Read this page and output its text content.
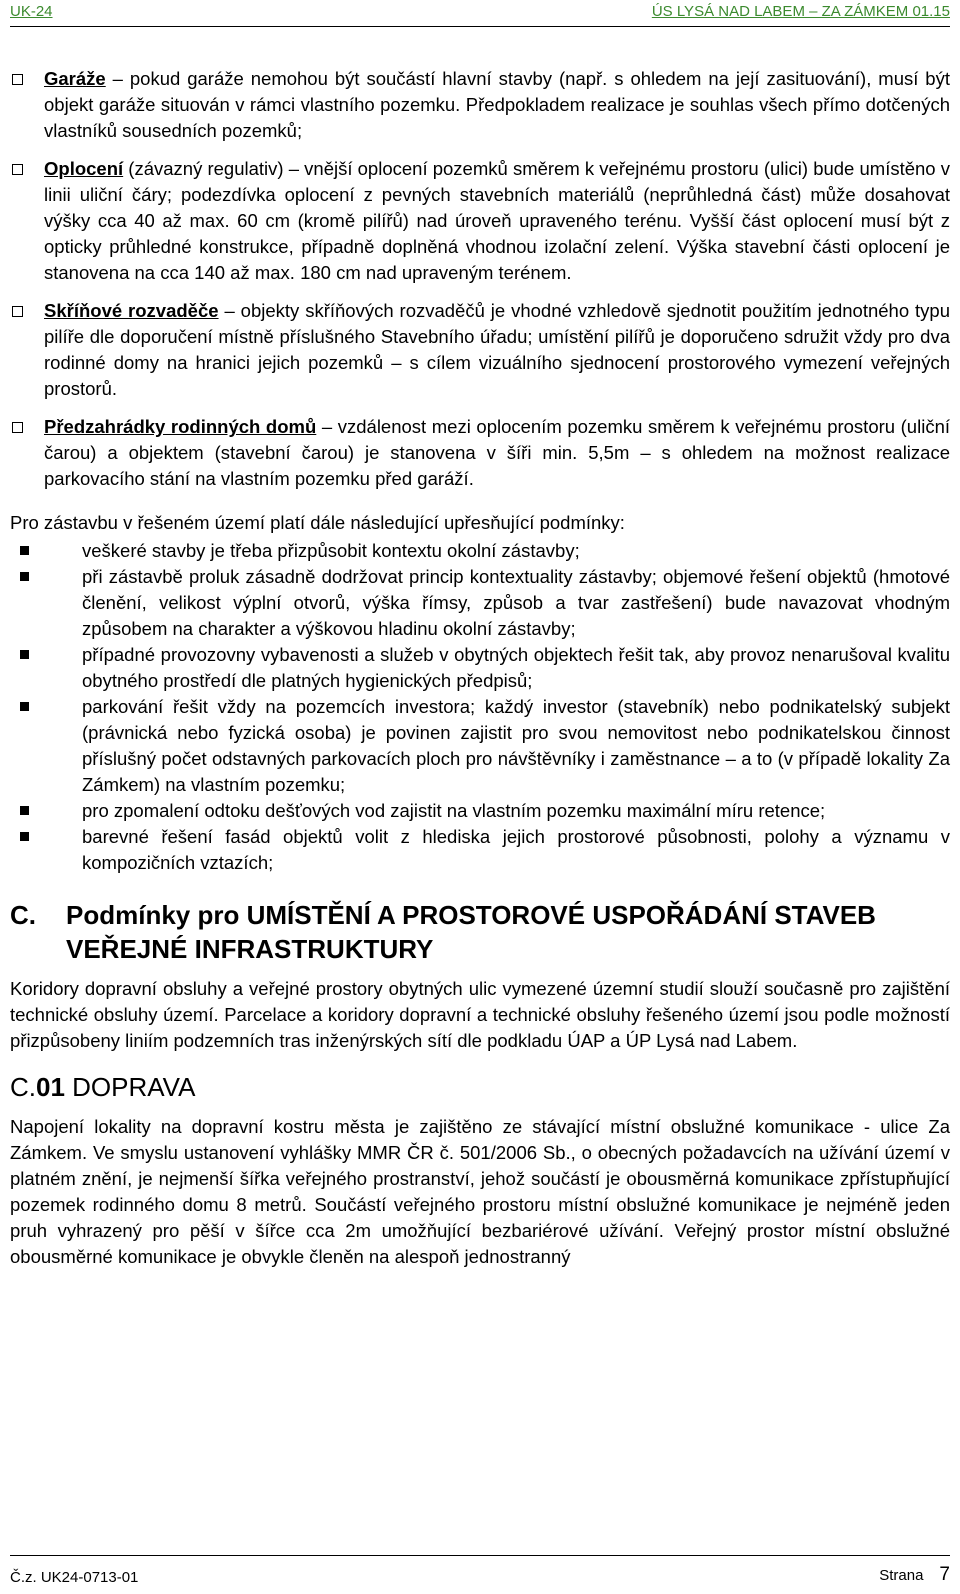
UK-24	ÚS LYSÁ NAD LABEM – ZA ZÁMKEM 01.15
Garáže – pokud garáže nemohou být součástí hlavní stavby (např. s ohledem na její zasituování), musí být objekt garáže situován v rámci vlastního pozemku. Předpokladem realizace je souhlas všech přímo dotčených vlastníků sousedních pozemků;
Oplocení (závazný regulativ) – vnější oplocení pozemků směrem k veřejnému prostoru (ulici) bude umístěno v linii uliční čáry; podezdívka oplocení z pevných stavebních materiálů (neprůhledná část) může dosahovat výšky cca 40 až max. 60 cm (kromě pilířů) nad úroveň upraveného terénu. Vyšší část oplocení musí být z opticky průhledné konstrukce, případně doplněná vhodnou izolační zelení. Výška stavební části oplocení je stanovena na cca 140 až max. 180 cm nad upraveným terénem.
Skříňové rozvaděče – objekty skříňových rozvaděčů je vhodné vzhledově sjednotit použitím jednotného typu pilíře dle doporučení místně příslušného Stavebního úřadu; umístění pilířů je doporučeno sdružit vždy pro dva rodinné domy na hranici jejich pozemků – s cílem vizuálního sjednocení prostorového vymezení veřejných prostorů.
Předzahrádky rodinných domů – vzdálenost mezi oplocením pozemku směrem k veřejnému prostoru (uliční čarou) a objektem (stavební čarou) je stanovena v šíři min. 5,5m – s ohledem na možnost realizace parkovacího stání na vlastním pozemku před garáží.
Pro zástavbu v řešeném území platí dále následující upřesňující podmínky:
veškeré stavby je třeba přizpůsobit kontextu okolní zástavby;
při zástavbě proluk zásadně dodržovat princip kontextuality zástavby; objemové řešení objektů (hmotové členění, velikost výplní otvorů, výška římsy, způsob a tvar zastřešení) bude navazovat vhodným způsobem na charakter a výškovou hladinu okolní zástavby;
případné provozovny vybavenosti a služeb v obytných objektech řešit tak, aby provoz nenarušoval kvalitu obytného prostředí dle platných hygienických předpisů;
parkování řešit vždy na pozemcích investora; každý investor (stavebník) nebo podnikatelský subjekt (právnická nebo fyzická osoba) je povinen zajistit pro svou nemovitost nebo podnikatelskou činnost příslušný počet odstavných parkovacích ploch pro návštěvníky i zaměstnance – a to (v případě lokality Za Zámkem) na vlastním pozemku;
pro zpomalení odtoku dešťových vod zajistit na vlastním pozemku maximální míru retence;
barevné řešení fasád objektů volit z hlediska jejich prostorové působnosti, polohy a významu v kompozičních vztazích;
C.	Podmínky pro UMÍSTĚNÍ A PROSTOROVÉ USPOŘÁDÁNÍ STAVEB VEŘEJNÉ INFRASTRUKTURY
Koridory dopravní obsluhy a veřejné prostory obytných ulic vymezené územní studií slouží současně pro zajištění technické obsluhy území. Parcelace a koridory dopravní a technické obsluhy řešeného území jsou podle možností přizpůsobeny liniím podzemních tras inženýrských sítí dle podkladu ÚAP a ÚP Lysá nad Labem.
C.01 DOPRAVA
Napojení lokality na dopravní kostru města je zajištěno ze stávající místní obslužné komunikace - ulice Za Zámkem. Ve smyslu ustanovení vyhlášky MMR ČR č. 501/2006 Sb., o obecných požadavcích na užívání území v platném znění, je nejmenší šířka veřejného prostranství, jehož součástí je obousměrná komunikace zpřístupňující pozemek rodinného domu 8 metrů. Součástí veřejného prostoru místní obslužné komunikace je nejméně jeden pruh vyhrazený pro pěší v šířce cca 2m umožňující bezbariérové užívání. Veřejný prostor místní obslužné obousměrné komunikace je obvykle členěn na alespoň jednostranný
Č.z. UK24-0713-01	Strana 7
